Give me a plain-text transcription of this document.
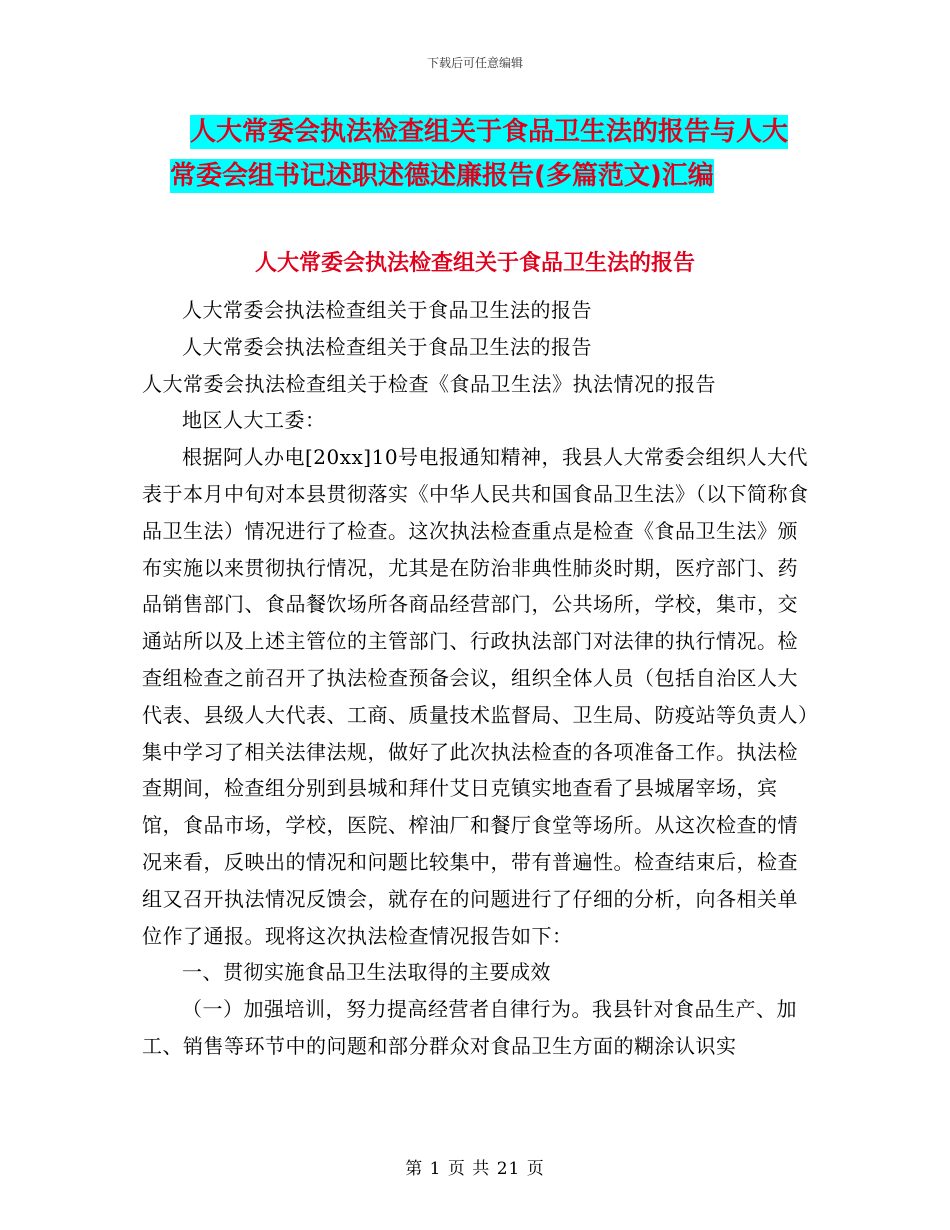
下载后可任意编辑
人大常委会执法检查组关于食品卫生法的报告与人大
常委会组书记述职述德述廉报告(多篇范文)汇编
人大常委会执法检查组关于食品卫生法的报告

人大常委会执法检查组关于食品卫生法的报告

人大常委会执法检查组关于食品卫生法的报告

人大常委会执法检查组关于检查《食品卫生法》执法情况的报告

地区人大工委：

根据阿人办电[20xx]10号电报通知精神，我县人大常委会组织人大代表于本月中旬对本县贯彻落实《中华人民共和国食品卫生法》（以下简称食品卫生法）情况进行了检查。这次执法检查重点是检查《食品卫生法》颁布实施以来贯彻执行情况，尤其是在防治非典性肺炎时期，医疗部门、药品销售部门、食品餐饮场所各商品经营部门，公共场所，学校，集市，交通站所以及上述主管位的主管部门、行政执法部门对法律的执行情况。检查组检查之前召开了执法检查预备会议，组织全体人员（包括自治区人大代表、县级人大代表、工商、质量技术监督局、卫生局、防疫站等负责人）集中学习了相关法律法规，做好了此次执法检查的各项准备工作。执法检查期间，检查组分别到县城和拜什艾日克镇实地查看了县城屠宰场，宾馆，食品市场，学校，医院、榨油厂和餐厅食堂等场所。从这次检查的情况来看，反映出的情况和问题比较集中，带有普遍性。检查结束后，检查组又召开执法情况反馈会，就存在的问题进行了仔细的分析，向各相关单位作了通报。现将这次执法检查情况报告如下：

一、贯彻实施食品卫生法取得的主要成效

（一）加强培训，努力提高经营者自律行为。我县针对食品生产、加工、销售等环节中的问题和部分群众对食品卫生方面的糊涂认识实

第 1 页 共 21 页
